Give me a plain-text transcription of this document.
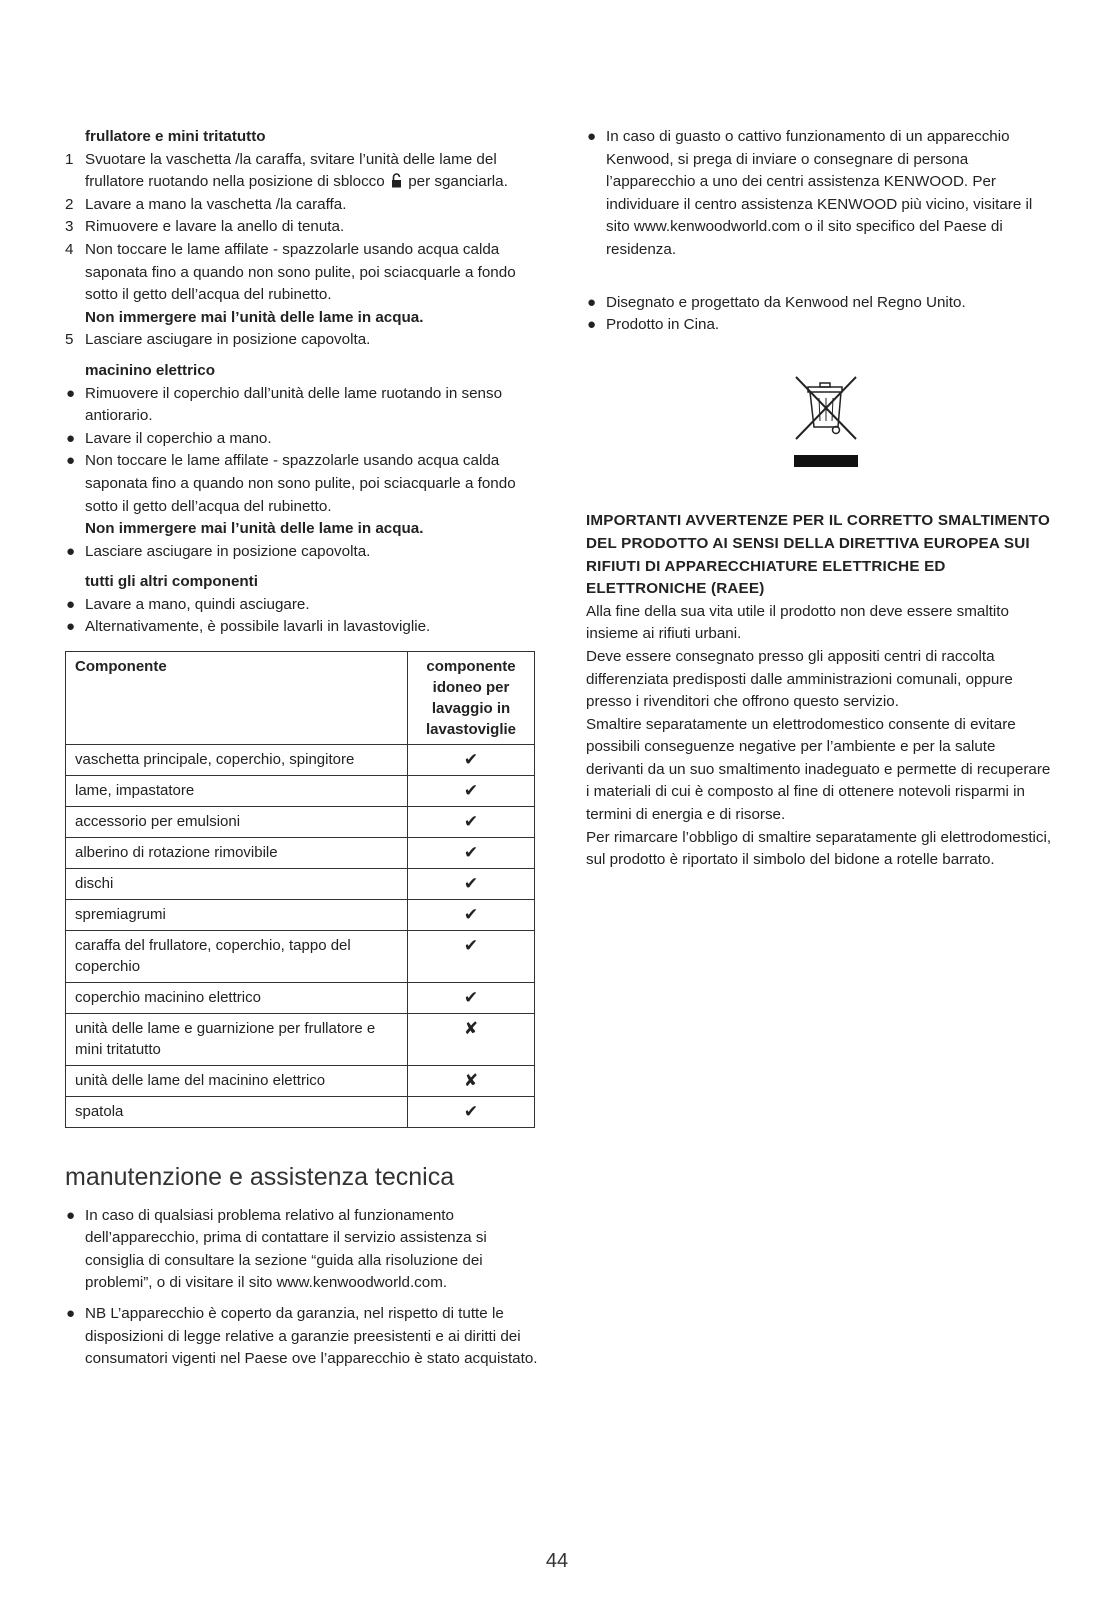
frullatore e mini tritatutto
1 Svuotare la vaschetta /la caraffa, svitare l’unità delle lame del frullatore ruotando nella posizione di sblocco per sganciarla.
2 Lavare a mano la vaschetta /la caraffa.
3 Rimuovere e lavare la anello di tenuta.
4 Non toccare le lame affilate - spazzolarle usando acqua calda saponata fino a quando non sono pulite, poi sciacquarle a fondo sotto il getto dell’acqua del rubinetto.
Non immergere mai l’unità delle lame in acqua.
5 Lasciare asciugare in posizione capovolta.
macinino elettrico
● Rimuovere il coperchio dall’unità delle lame ruotando in senso antiorario.
● Lavare il coperchio a mano.
● Non toccare le lame affilate - spazzolarle usando acqua calda saponata fino a quando non sono pulite, poi sciacquarle a fondo sotto il getto dell’acqua del rubinetto.
Non immergere mai l’unità delle lame in acqua.
● Lasciare asciugare in posizione capovolta.
tutti gli altri componenti
● Lavare a mano, quindi asciugare.
● Alternativamente, è possibile lavarli in lavastoviglie.
Componente	componente idoneo per lavaggio in lavastoviglie
vaschetta principale, coperchio, spingitore	✔
lame, impastatore	✔
accessorio per emulsioni	✔
alberino di rotazione rimovibile	✔
dischi	✔
spremiagrumi	✔
caraffa del frullatore, coperchio, tappo del coperchio	✔
coperchio macinino elettrico	✔
unità delle lame e guarnizione per frullatore e mini tritatutto	✘
unità delle lame del macinino elettrico	✘
spatola	✔
manutenzione e assistenza tecnica
● In caso di qualsiasi problema relativo al funzionamento dell’apparecchio, prima di contattare il servizio assistenza si consiglia di consultare la sezione “guida alla risoluzione dei problemi”, o di visitare il sito www.kenwoodworld.com.
● NB L’apparecchio è coperto da garanzia, nel rispetto di tutte le disposizioni di legge relative a garanzie preesistenti e ai diritti dei consumatori vigenti nel Paese ove l’apparecchio è stato acquistato.
● In caso di guasto o cattivo funzionamento di un apparecchio Kenwood, si prega di inviare o consegnare di persona l’apparecchio a uno dei centri assistenza KENWOOD. Per individuare il centro assistenza KENWOOD più vicino, visitare il sito www.kenwoodworld.com o il sito specifico del Paese di residenza.
● Disegnato e progettato da Kenwood nel Regno Unito.
● Prodotto in Cina.
IMPORTANTI AVVERTENZE PER IL CORRETTO SMALTIMENTO DEL PRODOTTO AI SENSI DELLA DIRETTIVA EUROPEA SUI RIFIUTI DI APPARECCHIATURE ELETTRICHE ED ELETTRONICHE (RAEE)
Alla fine della sua vita utile il prodotto non deve essere smaltito insieme ai rifiuti urbani.
Deve essere consegnato presso gli appositi centri di raccolta differenziata predisposti dalle amministrazioni comunali, oppure presso i rivenditori che offrono questo servizio.
Smaltire separatamente un elettrodomestico consente di evitare possibili conseguenze negative per l’ambiente e per la salute derivanti da un suo smaltimento inadeguato e permette di recuperare i materiali di cui è composto al fine di ottenere notevoli risparmi in termini di energia e di risorse.
Per rimarcare l’obbligo di smaltire separatamente gli elettrodomestici, sul prodotto è riportato il simbolo del bidone a rotelle barrato.
44
